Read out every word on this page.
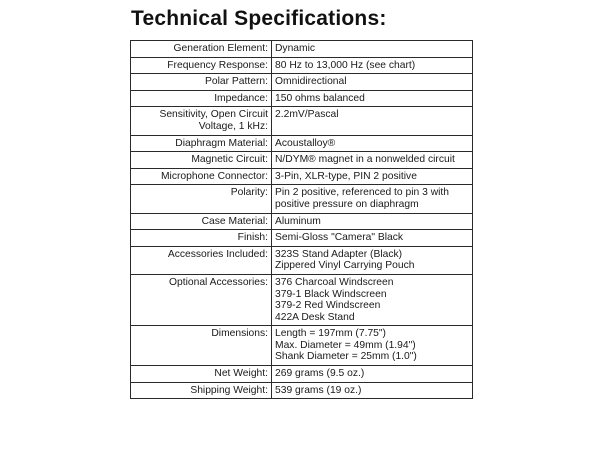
Technical Specifications:
Generation Element:	Dynamic

Frequency Response:	80 Hz to 13,000 Hz (see chart)

Polar Pattern:	Omnidirectional

Impedance:	150 ohms balanced

Sensitivity, Open Circuit Voltage, 1 kHz:	2.2mV/Pascal

Diaphragm Material:	Acoustalloy®

Magnetic Circuit:	N/DYM® magnet in a nonwelded circuit

Microphone Connector:	3-Pin, XLR-type, PIN 2 positive

Polarity:	Pin 2 positive, referenced to pin 3 with positive pressure on diaphragm

Case Material:	Aluminum

Finish:	Semi-Gloss "Camera" Black

Accessories Included:	323S Stand Adapter (Black)
Zippered Vinyl Carrying Pouch

Optional Accessories:	376 Charcoal Windscreen
379-1 Black Windscreen
379-2 Red Windscreen
422A Desk Stand

Dimensions:	Length = 197mm (7.75")
Max. Diameter = 49mm (1.94")
Shank Diameter = 25mm (1.0")

Net Weight:	269 grams (9.5 oz.)

Shipping Weight:	539 grams (19 oz.)
